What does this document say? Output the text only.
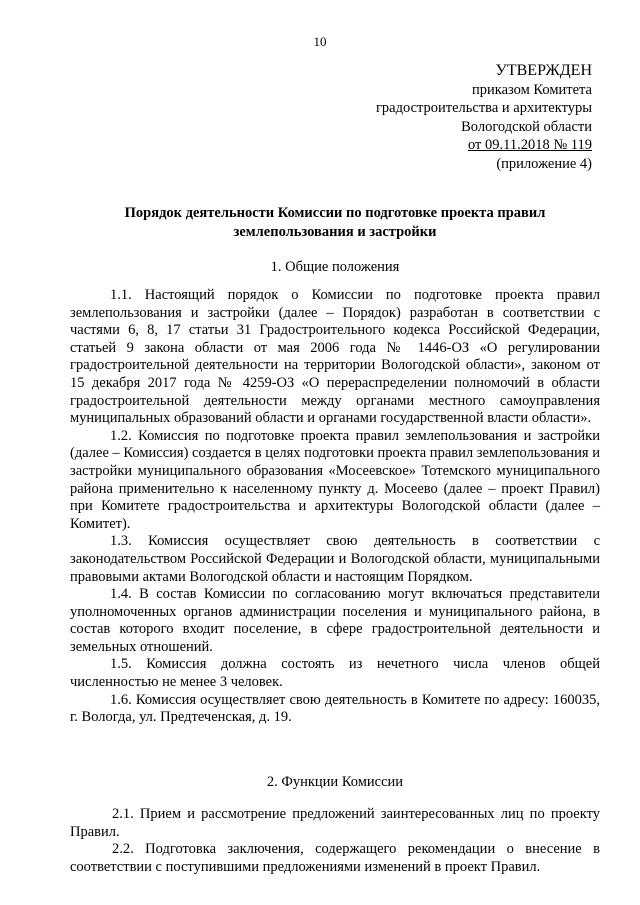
10
УТВЕРЖДЕН
приказом Комитета
градостроительства и архитектуры
Вологодской области
от 09.11.2018 № 119
(приложение 4)
Порядок деятельности Комиссии по подготовке проекта правил
землепользования и застройки
1. Общие положения

1.1. Настоящий порядок о Комиссии по подготовке проекта правил землепользования и застройки (далее – Порядок) разработан в соответствии с частями 6, 8, 17 статьи 31 Градостроительного кодекса Российской Федерации, статьей 9 закона области от мая 2006 года № 1446-ОЗ «О регулировании градостроительной деятельности на территории Вологодской области», законом от 15 декабря 2017 года № 4259-ОЗ «О перераспределении полномочий в области градостроительной деятельности между органами местного самоуправления муниципальных образований области и органами государственной власти области».

1.2. Комиссия по подготовке проекта правил землепользования и застройки (далее – Комиссия) создается в целях подготовки проекта правил землепользования и застройки муниципального образования «Мосеевское» Тотемского муниципального района применительно к населенному пункту д. Мосеево (далее – проект Правил) при Комитете градостроительства и архитектуры Вологодской области (далее – Комитет).

1.3. Комиссия осуществляет свою деятельность в соответствии с законодательством Российской Федерации и Вологодской области, муниципальными правовыми актами Вологодской области и настоящим Порядком.

1.4. В состав Комиссии по согласованию могут включаться представители уполномоченных органов администрации поселения и муниципального района, в состав которого входит поселение, в сфере градостроительной деятельности и земельных отношений.

1.5. Комиссия должна состоять из нечетного числа членов общей численностью не менее 3 человек.

1.6. Комиссия осуществляет свою деятельность в Комитете по адресу: 160035, г. Вологда, ул. Предтеченская, д. 19.

2. Функции Комиссии

2.1. Прием и рассмотрение предложений заинтересованных лиц по проекту Правил.

2.2. Подготовка заключения, содержащего рекомендации о внесение в соответствии с поступившими предложениями изменений в проект Правил.
